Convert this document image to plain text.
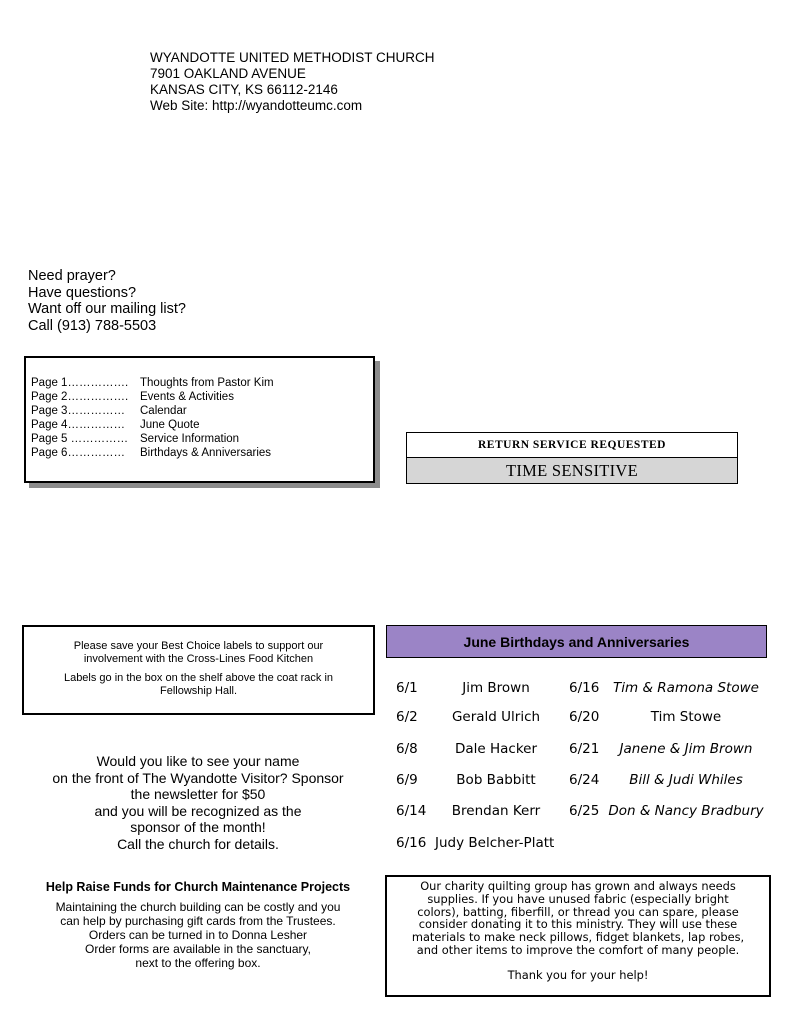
WYANDOTTE UNITED METHODIST CHURCH
7901 OAKLAND AVENUE
KANSAS CITY, KS 66112-2146
Web Site: http://wyandotteumc.com
Need prayer?
Have questions?
Want off our mailing list?
Call (913) 788-5503
Page 1…………….	Thoughts from Pastor Kim
Page 2…………….	Events & Activities
Page 3……………	Calendar
Page 4……………	June Quote
Page 5 ……………	Service Information
Page 6……………	Birthdays & Anniversaries
RETURN SERVICE REQUESTED
TIME SENSITIVE
Please save your Best Choice labels to support our
involvement with the Cross-Lines Food Kitchen
Labels go in the box on the shelf above the coat rack in
Fellowship Hall.
Would you like to see your name
on the front of The Wyandotte Visitor? Sponsor
the newsletter for $50
and you will be recognized as the
sponsor of the month!
Call the church for details.
Help Raise Funds for Church Maintenance Projects
Maintaining the church building can be costly and you
can help by purchasing gift cards from the Trustees.
Orders can be turned in to Donna Lesher
Order forms are available in the sanctuary,
next to the offering box.
June Birthdays and Anniversaries
6/1	Jim Brown	6/16	Tim & Ramona Stowe
6/2	Gerald Ulrich	6/20	Tim Stowe
6/8	Dale Hacker	6/21	Janene & Jim Brown
6/9	Bob Babbitt	6/24	Bill & Judi Whiles
6/14	Brendan Kerr	6/25 Don & Nancy Bradbury
6/16 Judy Belcher-Platt
Our charity quilting group has grown and always needs
supplies. If you have unused fabric (especially bright
colors), batting, fiberfill, or thread you can spare, please
consider donating it to this ministry. They will use these
materials to make neck pillows, fidget blankets, lap robes,
and other items to improve the comfort of many people.
Thank you for your help!
